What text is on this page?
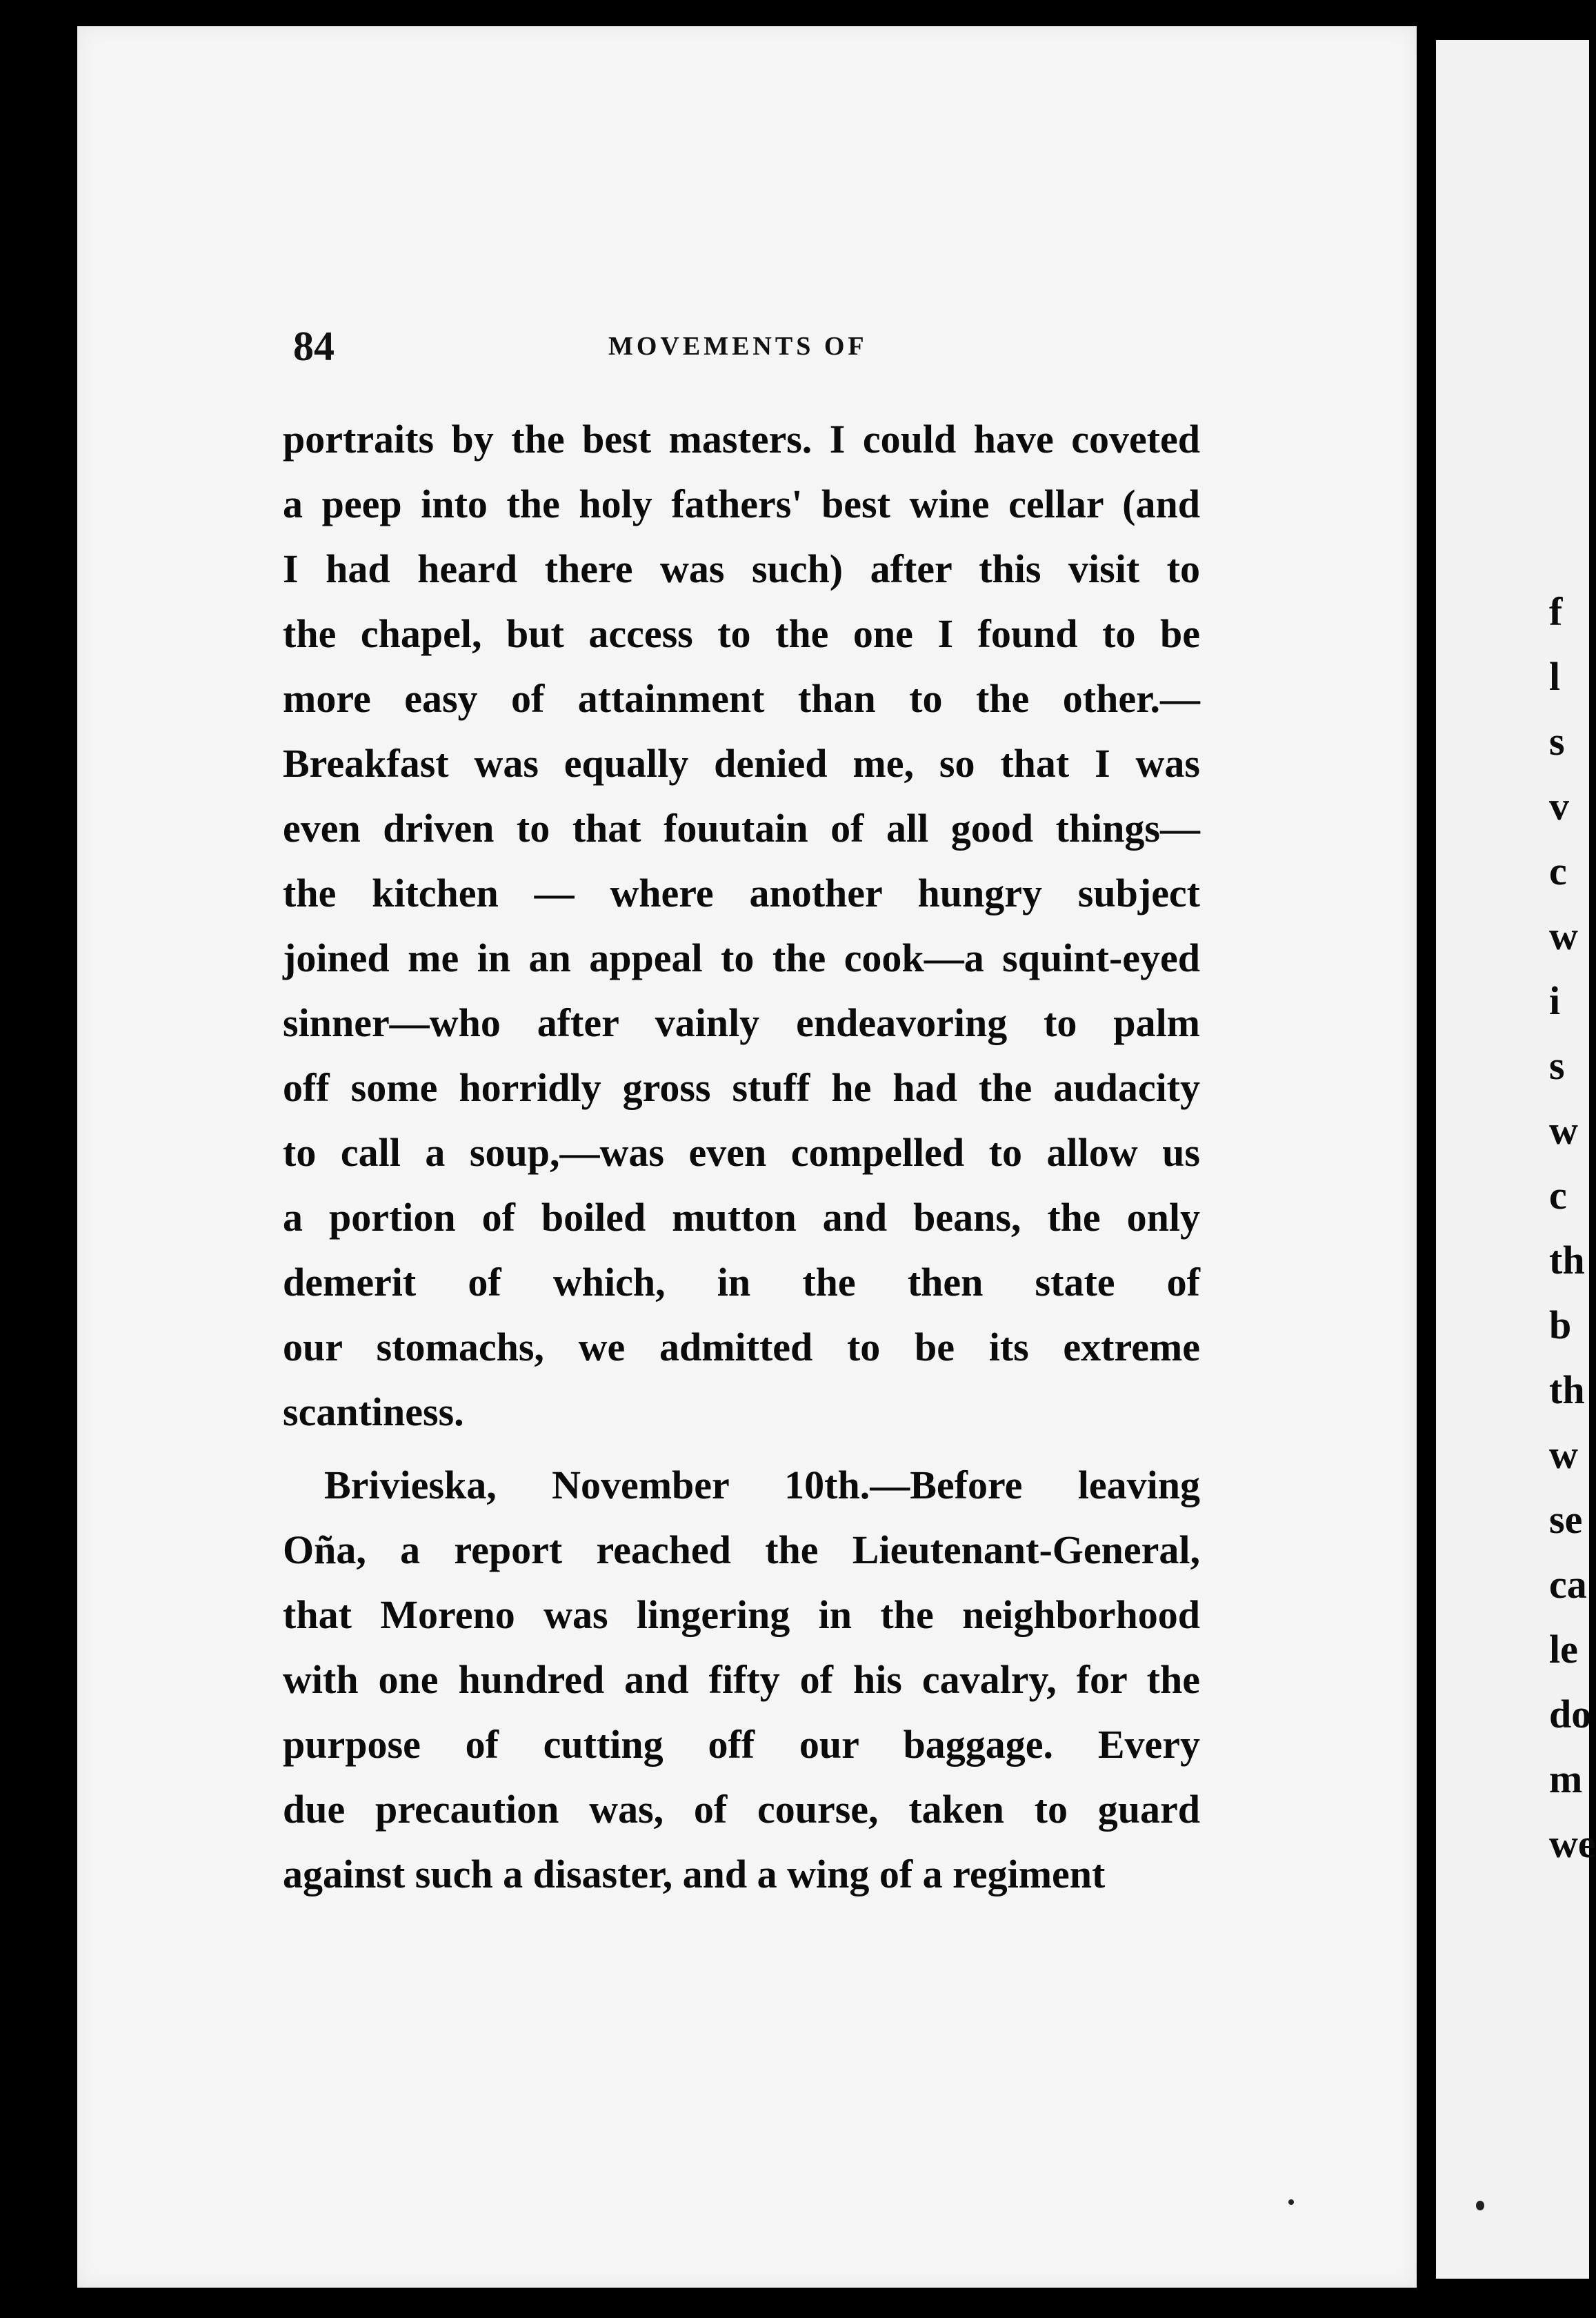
84	MOVEMENTS OF
portraits by the best masters. I could have coveted
a peep into the holy fathers' best wine cellar (and
I had heard there was such) after this visit to
the chapel, but access to the one I found to be
more easy of attainment than to the other.—
Breakfast was equally denied me, so that I was
even driven to that fouutain of all good things—
the kitchen — where another hungry subject
joined me in an appeal to the cook—a squint-eyed
sinner—who after vainly endeavoring to palm
off some horridly gross stuff he had the audacity
to call a soup,—was even compelled to allow us
a portion of boiled mutton and beans, the only
demerit of which, in the then state of
our stomachs, we admitted to be its extreme
scantiness.
Brivieska, November 10th.—Before leaving
Oña, a report reached the Lieutenant-General,
that Moreno was lingering in the neighborhood
with one hundred and fifty of his cavalry, for the
purpose of cutting off our baggage. Every
due precaution was, of course, taken to guard
against such a disaster, and a wing of a regiment
f
l
s
v
c
w
i
s
w
c
th
b
th
w
se
ca
le
do
m
we
